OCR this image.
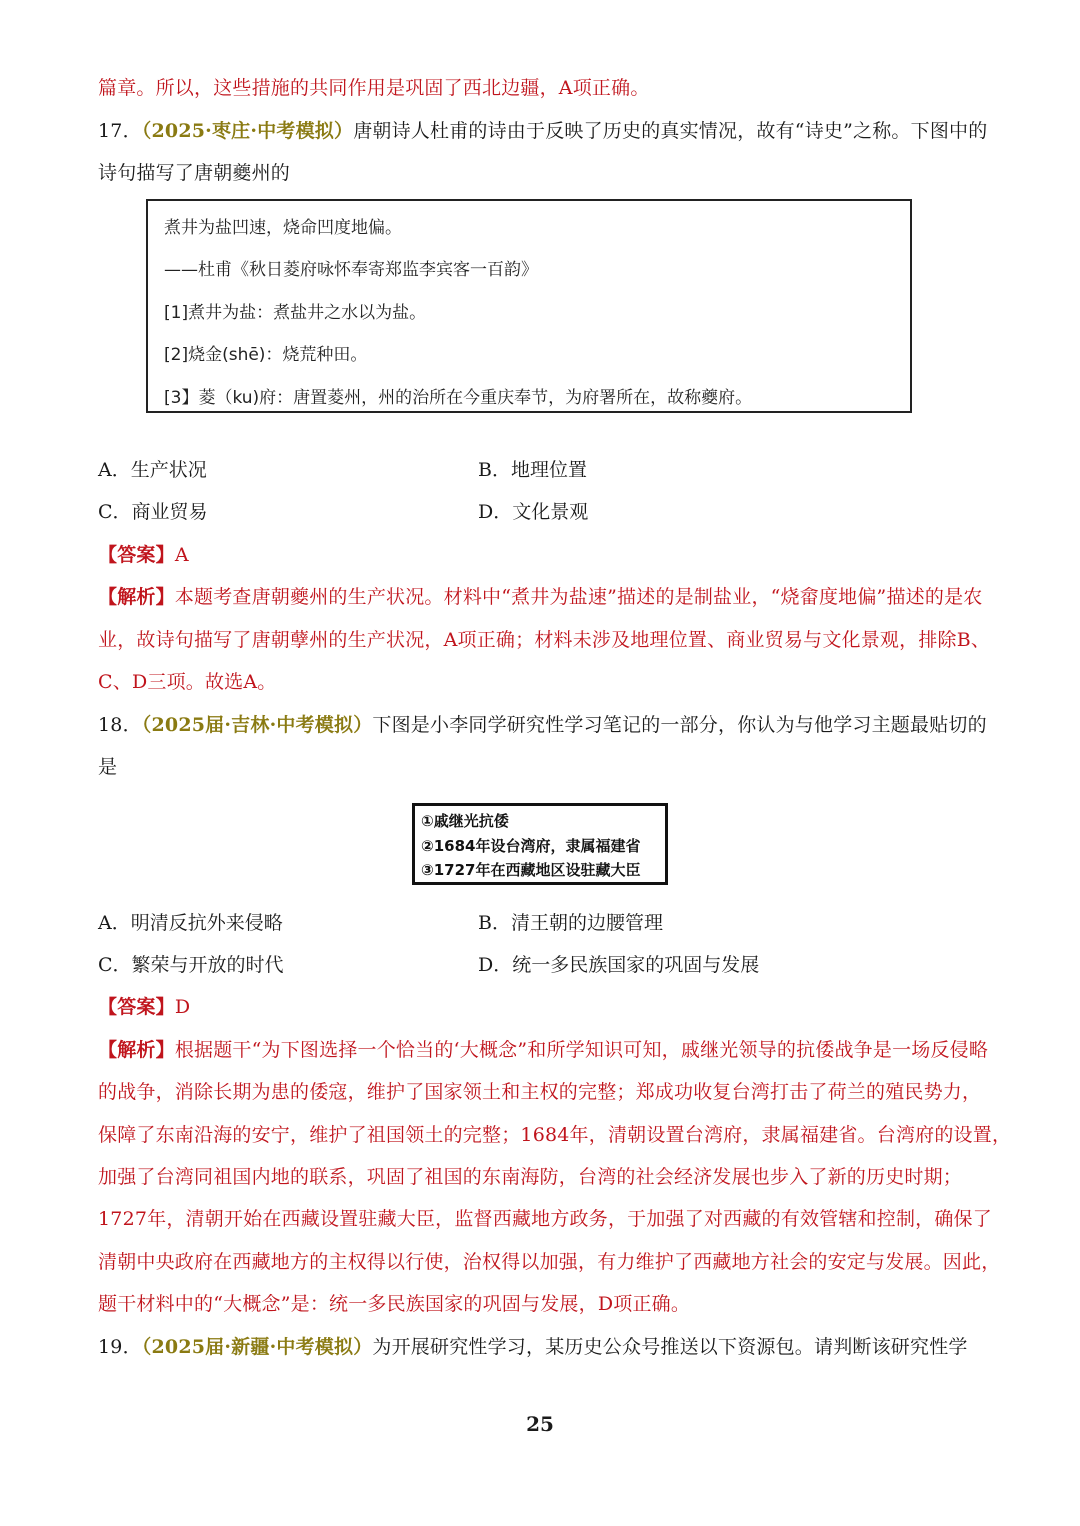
篇章。所以，这些措施的共同作用是巩固了西北边疆，A项正确。
17．（2025·枣庄·中考模拟）唐朝诗人杜甫的诗由于反映了历史的真实情况，故有“诗史”之称。下图中的
诗句描写了唐朝夔州的
煮井为盐凹速，烧命凹度地偏。
——杜甫《秋日菱府咏怀奉寄郑监李宾客一百韵》
[1]煮井为盐：煮盐井之水以为盐。
[2]烧金(shē)：烧荒种田。
[3】菱（ku)府：唐置菱州，州的治所在今重庆奉节，为府署所在，故称夔府。
A．生产状况	B．地理位置
C．商业贸易	D．文化景观
【答案】A
【解析】本题考查唐朝夔州的生产状况。材料中“煮井为盐速”描述的是制盐业，“烧畲度地偏”描述的是农
业，故诗句描写了唐朝孽州的生产状况，A项正确；材料未涉及地理位置、商业贸易与文化景观，排除B、
C、D三项。故选A。
18．（2025届·吉林·中考模拟）下图是小李同学研究性学习笔记的一部分，你认为与他学习主题最贴切的
是
①戚继光抗倭
②1684年设台湾府，隶属福建省
③1727年在西藏地区设驻藏大臣
A．明清反抗外来侵略	B．清王朝的边腰管理
C．繁荣与开放的时代	D．统一多民族国家的巩固与发展
【答案】D
【解析】根据题干“为下图选择一个恰当的‘大概念”和所学知识可知，戚继光领导的抗倭战争是一场反侵略
的战争，消除长期为患的倭寇，维护了国家领土和主权的完整；郑成功收复台湾打击了荷兰的殖民势力，
保障了东南沿海的安宁，维护了祖国领土的完整；1684年，清朝设置台湾府，隶属福建省。台湾府的设置，
加强了台湾同祖国内地的联系，巩固了祖国的东南海防，台湾的社会经济发展也步入了新的历史时期；
1727年，清朝开始在西藏设置驻藏大臣，监督西藏地方政务，于加强了对西藏的有效管辖和控制，确保了
清朝中央政府在西藏地方的主权得以行使，治权得以加强，有力维护了西藏地方社会的安定与发展。因此，
题干材料中的“大概念”是：统一多民族国家的巩固与发展，D项正确。
19．（2025届·新疆·中考模拟）为开展研究性学习，某历史公众号推送以下资源包。请判断该研究性学
25
